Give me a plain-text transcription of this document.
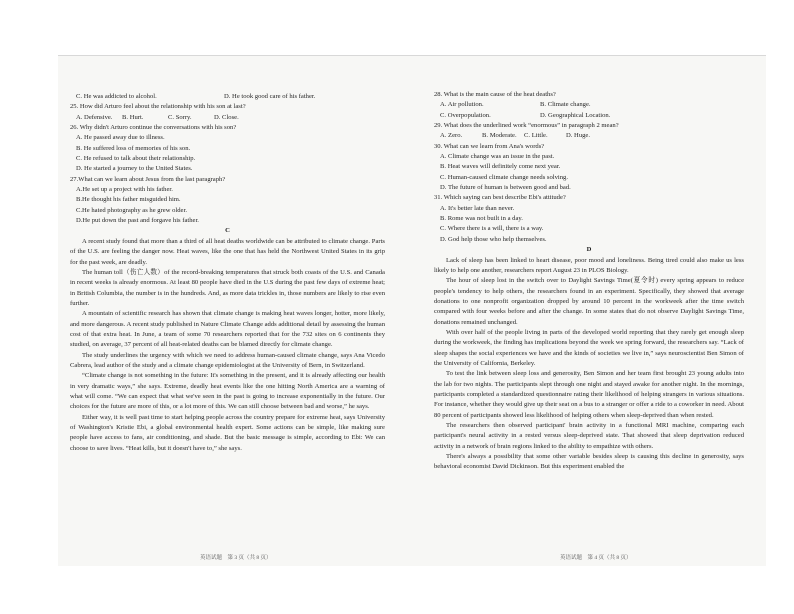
C. He was addicted to alcohol.	D. He took good care of his father.
25. How did Arturo feel about the relationship with his son at last?
A. Defensive.	B. Hurt.	C. Sorry.	D. Close.
26. Why didn't Arturo continue the conversations with his son?
A. He passed away due to illness.
B. He suffered loss of memories of his son.
C. He refused to talk about their relationship.
D. He started a journey to the United States.
27.What can we learn about Jesus from the last paragraph?
A.He set up a project with his father.
B.He thought his father misguided him.
C.He hated photography as he grew older.
D.He put down the past and forgave his father.
C
A recent study found that more than a third of all heat deaths worldwide can be attributed to climate change. Parts of the U.S. are feeling the danger now. Heat waves, like the one that has held the Northwest United States in its grip for the past week, are deadly.
The human toll（伤亡人数）of the record-breaking temperatures that struck both coasts of the U.S. and Canada in recent weeks is already enormous. At least 80 people have died in the U.S during the past few days of extreme heat; in British Columbia, the number is in the hundreds. And, as more data trickles in, those numbers are likely to rise even further.
A mountain of scientific research has shown that climate change is making heat waves longer, hotter, more likely, and more dangerous. A recent study published in Nature Climate Change adds additional detail by assessing the human cost of that extra heat. In June, a team of some 70 researchers reported that for the 732 sites on 6 continents they studied, on average, 37 percent of all heat-related deaths can be blamed directly for climate change.
The study underlines the urgency with which we need to address human-caused climate change, says Ana Vicedo Cabrera, lead author of the study and a climate change epidemiologist at the University of Bern, in Switzerland.
“Climate change is not something in the future: It's something in the present, and it is already affecting our health in very dramatic ways,” she says. Extreme, deadly heat events like the one hitting North America are a warning of what will come. “We can expect that what we've seen in the past is going to increase exponentially in the future. Our choices for the future are more of this, or a lot more of this. We can still choose between bad and worse,” he says.
Either way, it is well past time to start helping people across the country prepare for extreme heat, says University of Washington's Kristie Ebi, a global environmental health expert. Some actions can be simple, like making sure people have access to fans, air conditioning, and shade. But the basic message is simple, according to Ebi: We can choose to save lives. “Heat kills, but it doesn't have to,” she says.
28. What is the main cause of the heat deaths?
A. Air pollution.	B. Climate change.
C. Overpopulation.	D. Geographical Location.
29. What does the underlined work “enormous” in paragraph 2 mean?
A. Zero.	B. Moderate.	C. Little.	D. Huge.
30. What can we learn from Ana's words?
A. Climate change was an issue in the past.
B. Heat waves will definitely come next year.
C. Human-caused climate change needs solving.
D. The future of human is between good and bad.
31. Which saying can best describe Ebi's attitude?
A. It's better late than never.
B. Rome was not built in a day.
C. Where there is a will, there is a way.
D. God help those who help themselves.
D
Lack of sleep has been linked to heart disease, poor mood and loneliness. Being tired could also make us less likely to help one another, researchers report August 23 in PLOS Biology.
The hour of sleep lost in the switch over to Daylight Savings Time(夏令时) every spring appears to reduce people's tendency to help others, the researchers found in an experiment. Specifically, they showed that average donations to one nonprofit organization dropped by around 10 percent in the workweek after the time switch compared with four weeks before and after the change. In some states that do not observe Daylight Savings Time, donations remained unchanged.
With over half of the people living in parts of the developed world reporting that they rarely get enough sleep during the workweek, the finding has implications beyond the week we spring forward, the researchers say. “Lack of sleep shapes the social experiences we have and the kinds of societies we live in,” says neuroscientist Ben Simon of the University of California, Berkeley.
To test the link between sleep loss and generosity, Ben Simon and her team first brought 23 young adults into the lab for two nights. The participants slept through one night and stayed awake for another night. In the mornings, participants completed a standardized questionnaire rating their likelihood of helping strangers in various situations. For instance, whether they would give up their seat on a bus to a stranger or offer a ride to a coworker in need. About 80 percent of participants showed less likelihood of helping others when sleep-deprived than when rested.
The researchers then observed participant' brain activity in a functional MRI machine, comparing each participant's neural activity in a rested versus sleep-deprived state. That showed that sleep deprivation reduced activity in a network of brain regions linked to the ability to empathize with others.
There's always a possibility that some other variable besides sleep is causing this decline in generosity, says behavioral economist David Dickinson. But this experiment enabled the
英语试题　第 3 页（共 8 页）	英语试题　第 4 页（共 8 页）
